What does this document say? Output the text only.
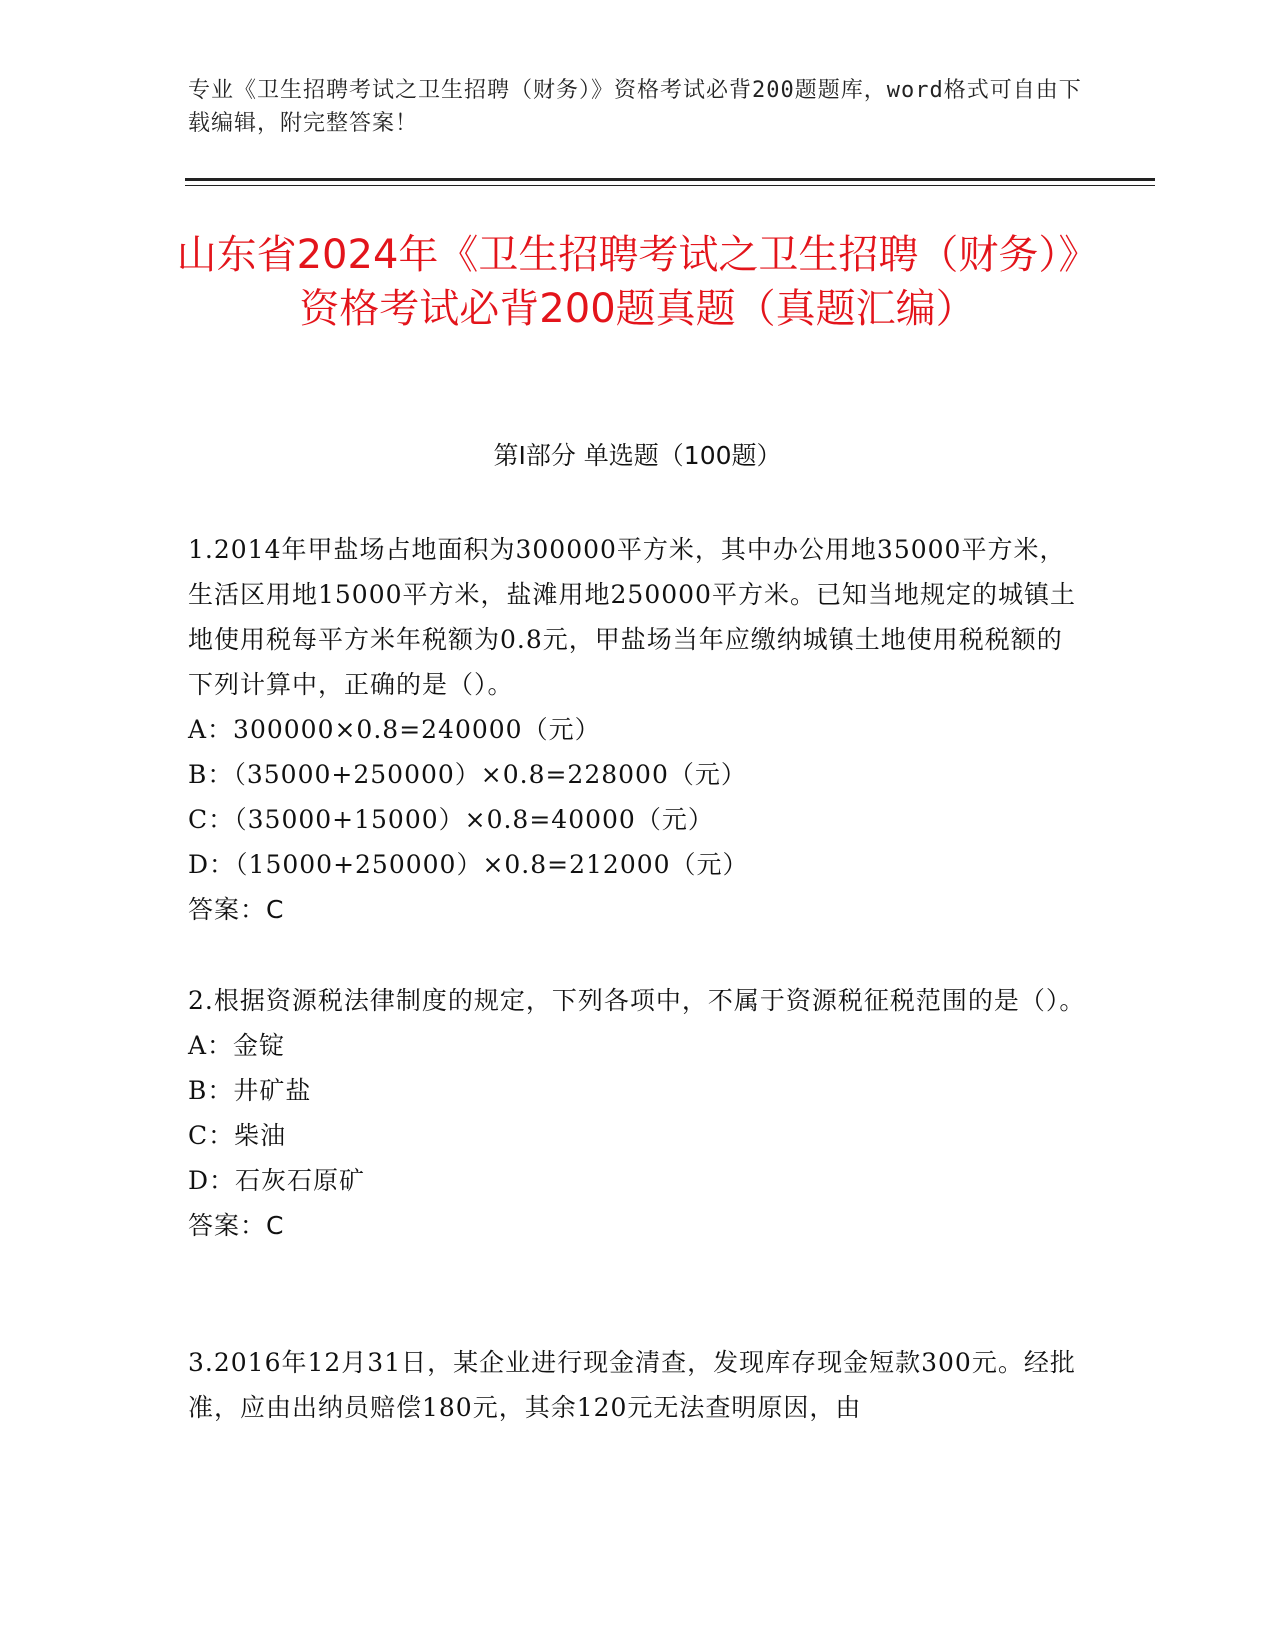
专业《卫生招聘考试之卫生招聘（财务）》资格考试必背200题题库，word格式可自由下载编辑，附完整答案！
山东省2024年《卫生招聘考试之卫生招聘（财务）》资格考试必背200题真题（真题汇编）
第I部分 单选题（100题）

1.2014年甲盐场占地面积为300000平方米，其中办公用地35000平方米，生活区用地15000平方米，盐滩用地250000平方米。已知当地规定的城镇土地使用税每平方米年税额为0.8元，甲盐场当年应缴纳城镇土地使用税税额的下列计算中，正确的是（）。

A：300000×0.8=240000（元）

B：（35000+250000）×0.8=228000（元）

C：（35000+15000）×0.8=40000（元）

D：（15000+250000）×0.8=212000（元）

答案：C

2.根据资源税法律制度的规定，下列各项中，不属于资源税征税范围的是（）。

A：金锭

B：井矿盐

C：柴油

D：石灰石原矿

答案：C

3.2016年12月31日，某企业进行现金清查，发现库存现金短款300元。经批准，应由出纳员赔偿180元，其余120元无法查明原因，由
